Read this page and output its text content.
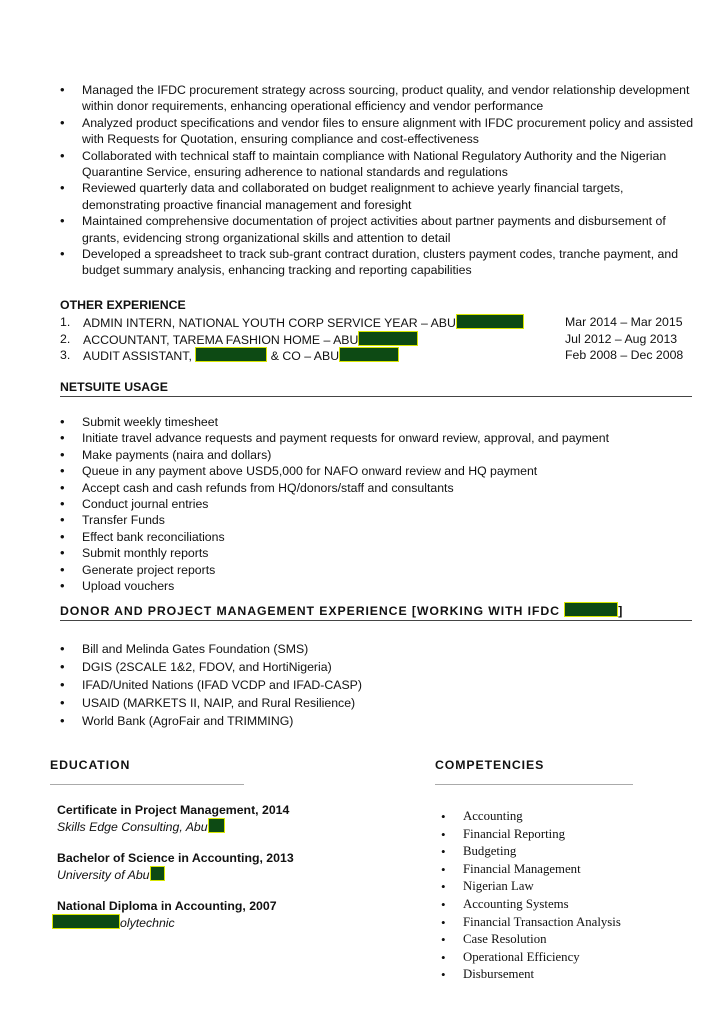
• Managed the IFDC procurement strategy across sourcing, product quality, and vendor relationship development within donor requirements, enhancing operational efficiency and vendor performance
• Analyzed product specifications and vendor files to ensure alignment with IFDC procurement policy and assisted with Requests for Quotation, ensuring compliance and cost-effectiveness
• Collaborated with technical staff to maintain compliance with National Regulatory Authority and the Nigerian Quarantine Service, ensuring adherence to national standards and regulations
• Reviewed quarterly data and collaborated on budget realignment to achieve yearly financial targets, demonstrating proactive financial management and foresight
• Maintained comprehensive documentation of project activities about partner payments and disbursement of grants, evidencing strong organizational skills and attention to detail
• Developed a spreadsheet to track sub-grant contract duration, clusters payment codes, tranche payment, and budget summary analysis, enhancing tracking and reporting capabilities
OTHER EXPERIENCE
1. ADMIN INTERN, NATIONAL YOUTH CORP SERVICE YEAR – ABU	Mar 2014 – Mar 2015
2. ACCOUNTANT, TAREMA FASHION HOME – ABU	Jul 2012 – Aug 2013
3. AUDIT ASSISTANT,	& CO – ABU	Feb 2008 – Dec 2008
NETSUITE USAGE
• Submit weekly timesheet
• Initiate travel advance requests and payment requests for onward review, approval, and payment
• Make payments (naira and dollars)
• Queue in any payment above USD5,000 for NAFO onward review and HQ payment
• Accept cash and cash refunds from HQ/donors/staff and consultants
• Conduct journal entries
• Transfer Funds
• Effect bank reconciliations
• Submit monthly reports
• Generate project reports
• Upload vouchers
DONOR AND PROJECT MANAGEMENT EXPERIENCE [WORKING WITH IFDC	]
• Bill and Melinda Gates Foundation (SMS)
• DGIS (2SCALE 1&2, FDOV, and HortiNigeria)
• IFAD/United Nations (IFAD VCDP and IFAD-CASP)
• USAID (MARKETS II, NAIP, and Rural Resilience)
• World Bank (AgroFair and TRIMMING)
EDUCATION
Certificate in Project Management, 2014
Skills Edge Consulting, Abu
Bachelor of Science in Accounting, 2013
University of Abu
National Diploma in Accounting, 2007
olytechnic
COMPETENCIES
• Accounting
• Financial Reporting
• Budgeting
• Financial Management
• Nigerian Law
• Accounting Systems
• Financial Transaction Analysis
• Case Resolution
• Operational Efficiency
• Disbursement
